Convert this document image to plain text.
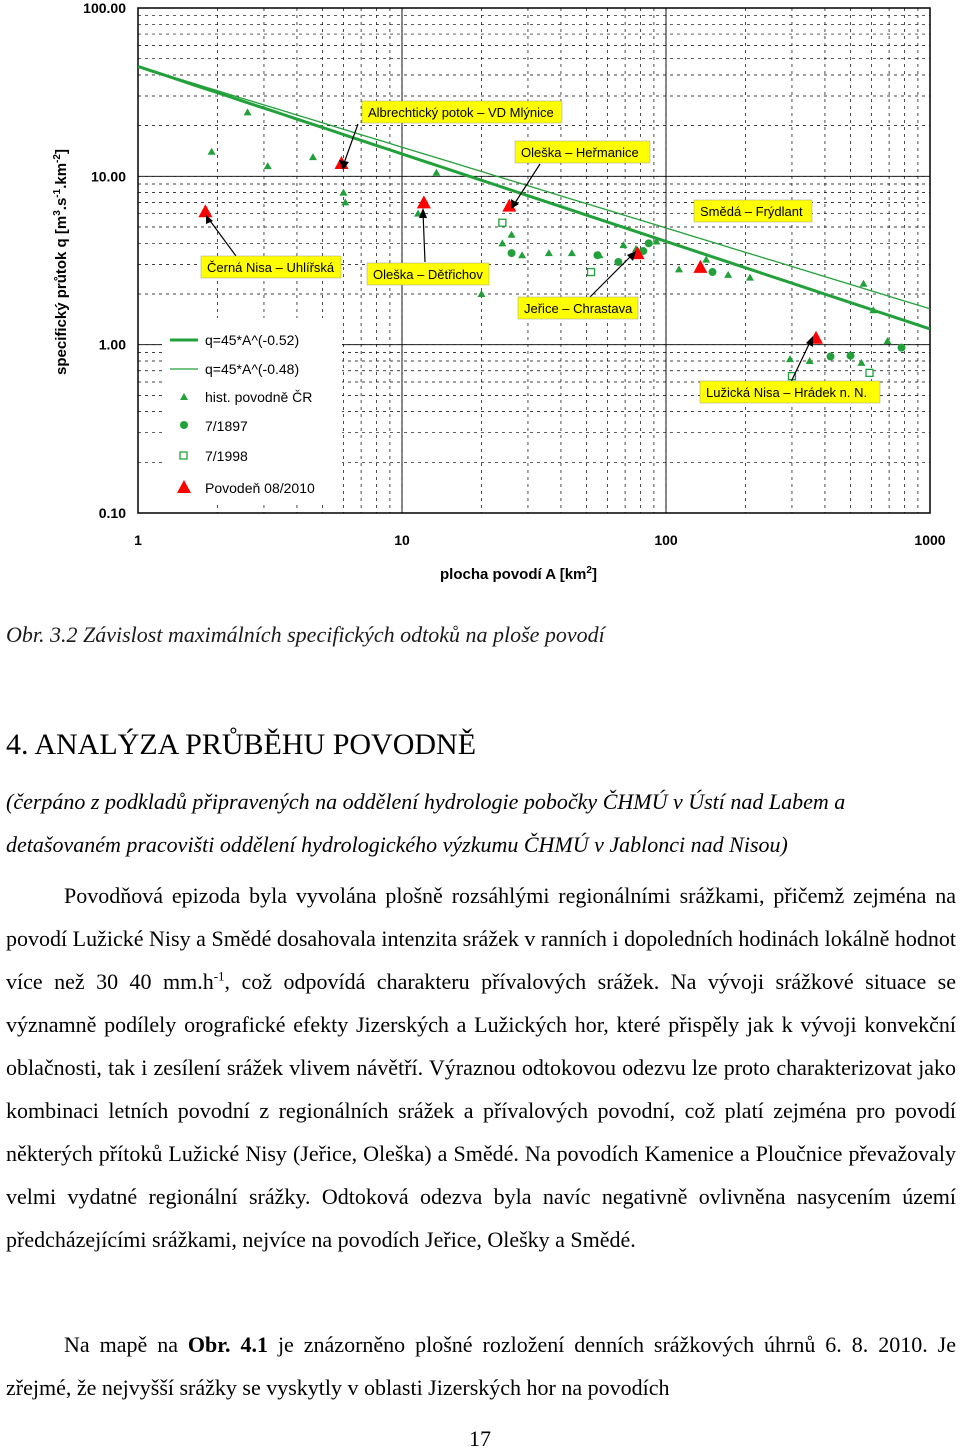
1	10	100	1000
0.10
1.00
10.00
100.00
Albrechtický potok – VD Mlýnice
Oleška – Heřmanice
Smědá – Frýdlant
Černá Nisa – Uhlířská	Oleška – Dětřichov
Jeřice – Chrastava
Lužická Nisa – Hrádek n. N.
q=45*A^(-0.52)
q=45*A^(-0.48)
hist. povodně ČR
7/1897
7/1998
Povodeň 08/2010
plocha povodí A $[km^2]$
specifický průtok q $[m^3.s^{-1}.km^{-2}]$
Obr. 3.2 Závislost maximálních specifických odtoků na ploše povodí
4. ANALÝZA PRŮBĚHU POVODNĚ
(čerpáno z podkladů připravených na oddělení hydrologie pobočky ČHMÚ v Ústí nad Labem a detašovaném pracovišti oddělení hydrologického výzkumu ČHMÚ v Jablonci nad Nisou)
Povodňová epizoda byla vyvolána plošně rozsáhlými regionálními srážkami, přičemž zejména na povodí Lužické Nisy a Smědé dosahovala intenzita srážek v ranních i dopoledních hodinách lokálně hodnot více než 30 40 $mm.h^{-1}$, což odpovídá charakteru přívalových srážek. Na vývoji srážkové situace se významně podílely orografické efekty Jizerských a Lužických hor, které přispěly jak k vývoji konvekční oblačnosti, tak i zesílení srážek vlivem návětří. Výraznou odtokovou odezvu lze proto charakterizovat jako kombinaci letních povodní z regionálních srážek a přívalových povodní, což platí zejména pro povodí některých přítoků Lužické Nisy (Jeřice, Oleška) a Smědé. Na povodích Kamenice a Ploučnice převažovaly velmi vydatné regionální srážky. Odtoková odezva byla navíc negativně ovlivněna nasycením území předcházejícími srážkami, nejvíce na povodích Jeřice, Olešky a Smědé.
Na mapě na Obr. 4.1 je znázorněno plošné rozložení denních srážkových úhrnů 6. 8. 2010. Je zřejmé, že nejvyšší srážky se vyskytly v oblasti Jizerských hor na povodích
17
